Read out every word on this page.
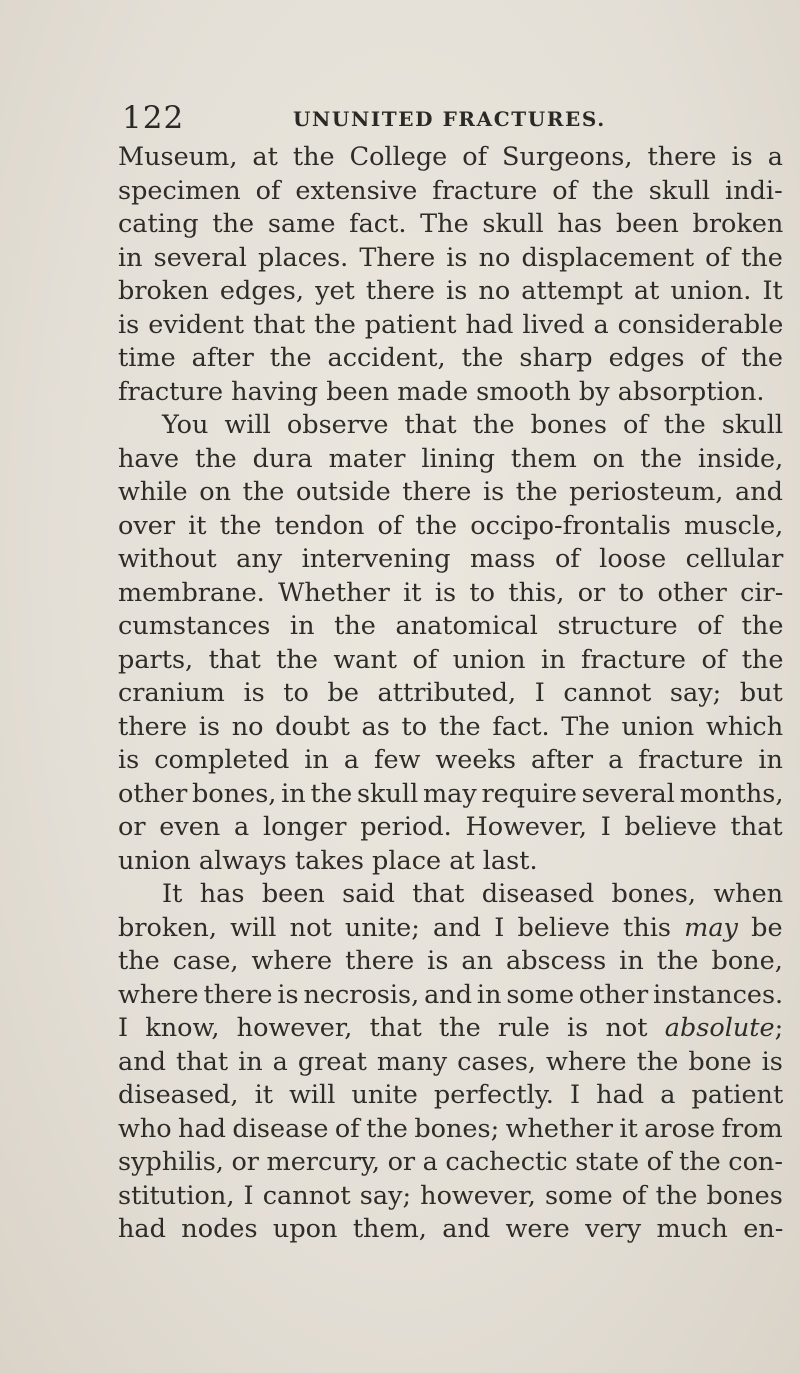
122	UNUNITED FRACTURES.
Museum, at the College of Surgeons, there is a
specimen of extensive fracture of the skull indi-
cating the same fact. The skull has been broken
in several places. There is no displacement of the
broken edges, yet there is no attempt at union. It
is evident that the patient had lived a considerable
time after the accident, the sharp edges of the
fracture having been made smooth by absorption.
You will observe that the bones of the skull
have the dura mater lining them on the inside,
while on the outside there is the periosteum, and
over it the tendon of the occipo-frontalis muscle,
without any intervening mass of loose cellular
membrane. Whether it is to this, or to other cir-
cumstances in the anatomical structure of the
parts, that the want of union in fracture of the
cranium is to be attributed, I cannot say; but
there is no doubt as to the fact. The union which
is completed in a few weeks after a fracture in
other bones, in the skull may require several months,
or even a longer period. However, I believe that
union always takes place at last.
It has been said that diseased bones, when
broken, will not unite; and I believe this may be
the case, where there is an abscess in the bone,
where there is necrosis, and in some other instances.
I know, however, that the rule is not absolute;
and that in a great many cases, where the bone is
diseased, it will unite perfectly. I had a patient
who had disease of the bones; whether it arose from
syphilis, or mercury, or a cachectic state of the con-
stitution, I cannot say; however, some of the bones
had nodes upon them, and were very much en-
